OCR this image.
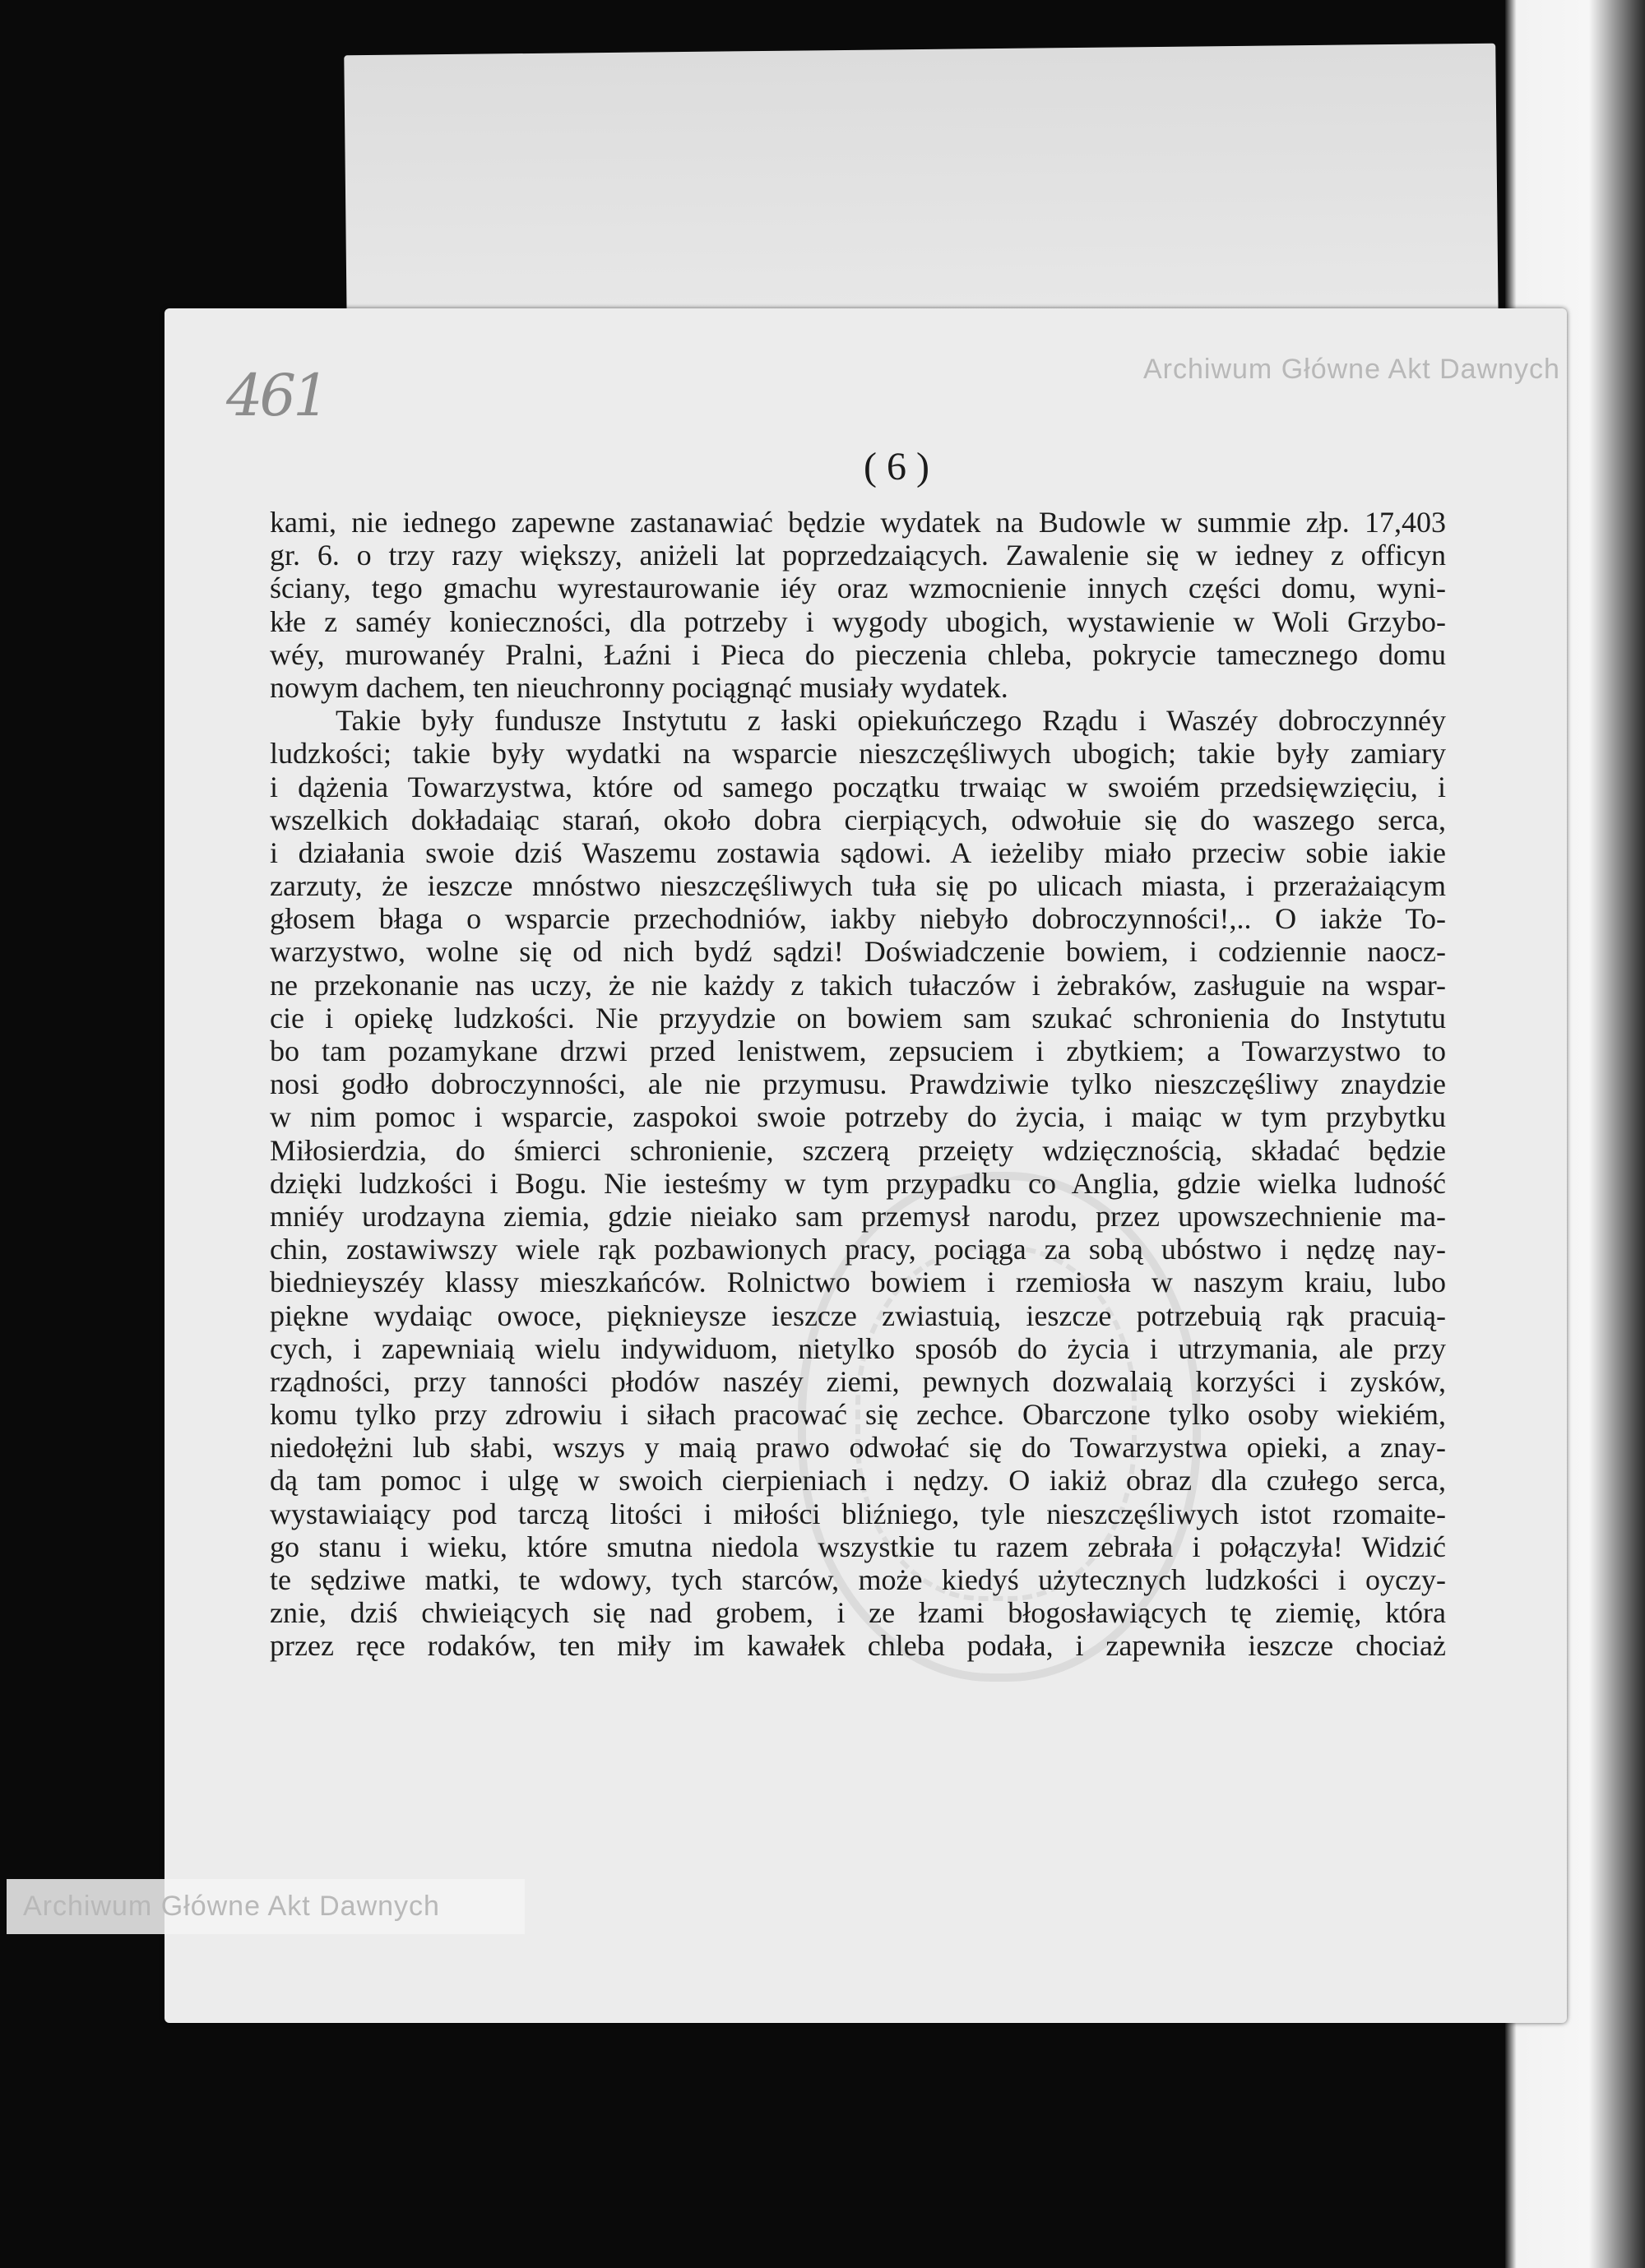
Archiwum Główne Akt Dawnych
Archiwum Główne Akt Dawnych
461
( 6 )
kami, nie iednego zapewne zastanawiać będzie wydatek na Budowle w summie złp. 17,403
gr. 6. o trzy razy większy, aniżeli lat poprzedzaiących. Zawalenie się w iedney z officyn
ściany, tego gmachu wyrestaurowanie iéy oraz wzmocnienie innych części domu, wyni-
kłe z saméy konieczności, dla potrzeby i wygody ubogich, wystawienie w Woli Grzybo-
wéy, murowanéy Pralni, Łaźni i Pieca do pieczenia chleba, pokrycie tamecznego domu
nowym dachem, ten nieuchronny pociągnąć musiały wydatek.
Takie były fundusze Instytutu z łaski opiekuńczego Rządu i Waszéy dobroczynnéy
ludzkości; takie były wydatki na wsparcie nieszczęśliwych ubogich; takie były zamiary
i dążenia Towarzystwa, które od samego początku trwaiąc w swoiém przedsięwzięciu, i
wszelkich dokładaiąc starań, około dobra cierpiących, odwołuie się do waszego serca,
i działania swoie dziś Waszemu zostawia sądowi. A ieżeliby miało przeciw sobie iakie
zarzuty, że ieszcze mnóstwo nieszczęśliwych tuła się po ulicach miasta, i przerażaiącym
głosem błaga o wsparcie przechodniów, iakby niebyło dobroczynności!,.. O iakże To-
warzystwo, wolne się od nich bydź sądzi! Doświadczenie bowiem, i codziennie naocz-
ne przekonanie nas uczy, że nie każdy z takich tułaczów i żebraków, zasługuie na wspar-
cie i opiekę ludzkości. Nie przyydzie on bowiem sam szukać schronienia do Instytutu
bo tam pozamykane drzwi przed lenistwem, zepsuciem i zbytkiem; a Towarzystwo to
nosi godło dobroczynności, ale nie przymusu. Prawdziwie tylko nieszczęśliwy znaydzie
w nim pomoc i wsparcie, zaspokoi swoie potrzeby do życia, i maiąc w tym przybytku
Miłosierdzia, do śmierci schronienie, szczerą przeięty wdzięcznością, składać będzie
dzięki ludzkości i Bogu. Nie iesteśmy w tym przypadku co Anglia, gdzie wielka ludność
mniéy urodzayna ziemia, gdzie nieiako sam przemysł narodu, przez upowszechnienie ma-
chin, zostawiwszy wiele rąk pozbawionych pracy, pociąga za sobą ubóstwo i nędzę nay-
biednieyszéy klassy mieszkańców. Rolnictwo bowiem i rzemiosła w naszym kraiu, lubo
piękne wydaiąc owoce, pięknieysze ieszcze zwiastuią, ieszcze potrzebuią rąk pracuią-
cych, i zapewniaią wielu indywiduom, nietylko sposób do życia i utrzymania, ale przy
rządności, przy tanności płodów naszéy ziemi, pewnych dozwalaią korzyści i zysków,
komu tylko przy zdrowiu i siłach pracować się zechce. Obarczone tylko osoby wiekiém,
niedołężni lub słabi, wszys y maią prawo odwołać się do Towarzystwa opieki, a znay-
dą tam pomoc i ulgę w swoich cierpieniach i nędzy. O iakiż obraz dla czułego serca,
wystawiaiący pod tarczą litości i miłości bliźniego, tyle nieszczęśliwych istot rzomaite-
go stanu i wieku, które smutna niedola wszystkie tu razem zebrała i połączyła! Widzić
te sędziwe matki, te wdowy, tych starców, może kiedyś użytecznych ludzkości i oyczy-
znie, dziś chwieiących się nad grobem, i ze łzami błogosławiących tę ziemię, która
przez ręce rodaków, ten miły im kawałek chleba podała, i zapewniła ieszcze chociaż
